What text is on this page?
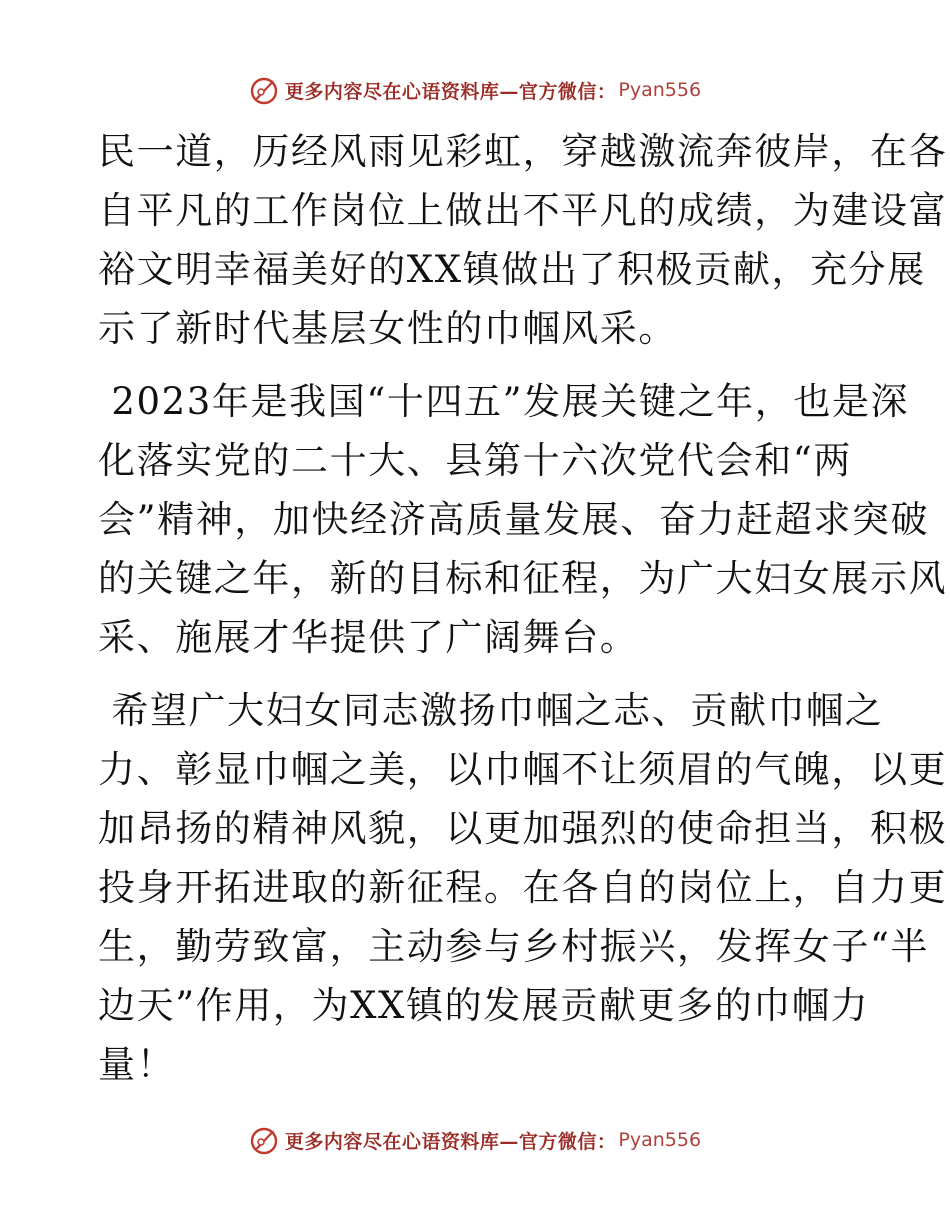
更多内容尽在心语资料库—官方微信： Pyan556
民一道，历经风雨见彩虹，穿越激流奔彼岸，在各
自平凡的工作岗位上做出不平凡的成绩，为建设富
裕文明幸福美好的XX镇做出了积极贡献，充分展
示了新时代基层女性的巾帼风采。
2023年是我国“十四五”发展关键之年，也是深
化落实党的二十大、县第十六次党代会和“两
会”精神，加快经济高质量发展、奋力赶超求突破
的关键之年，新的目标和征程，为广大妇女展示风
采、施展才华提供了广阔舞台。
希望广大妇女同志激扬巾帼之志、贡献巾帼之
力、彰显巾帼之美，以巾帼不让须眉的气魄，以更
加昂扬的精神风貌，以更加强烈的使命担当，积极
投身开拓进取的新征程。在各自的岗位上，自力更
生，勤劳致富，主动参与乡村振兴，发挥女子“半
边天”作用，为XX镇的发展贡献更多的巾帼力
量！
更多内容尽在心语资料库—官方微信： Pyan556
